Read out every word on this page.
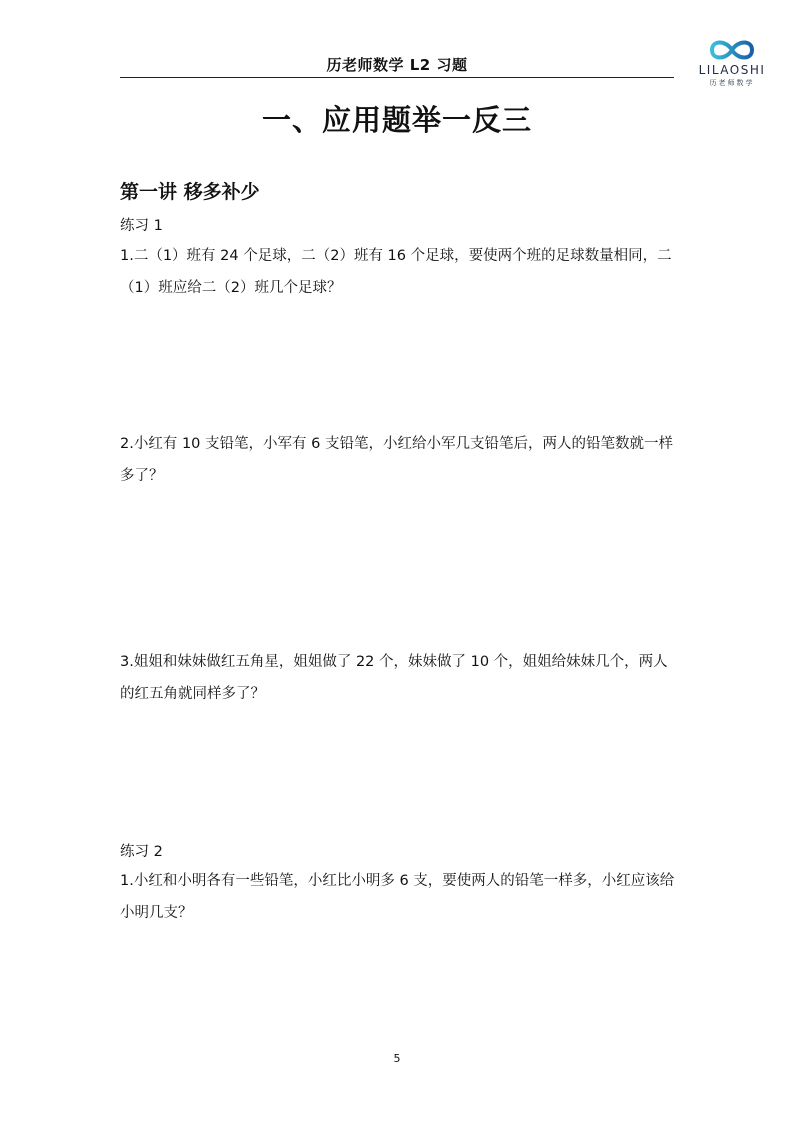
历老师数学 L2 习题	LILAOSHI
历老师数学
一、应用题举一反三
第一讲 移多补少
练习 1
1.二（1）班有 24 个足球，二（2）班有 16 个足球，要使两个班的足球数量相同，二（1）班应给二（2）班几个足球？
2.小红有 10 支铅笔，小军有 6 支铅笔，小红给小军几支铅笔后，两人的铅笔数就一样多了？
3.姐姐和妹妹做红五角星，姐姐做了 22 个，妹妹做了 10 个，姐姐给妹妹几个，两人的红五角就同样多了？
练习 2
1.小红和小明各有一些铅笔，小红比小明多 6 支，要使两人的铅笔一样多，小红应该给小明几支？
5
